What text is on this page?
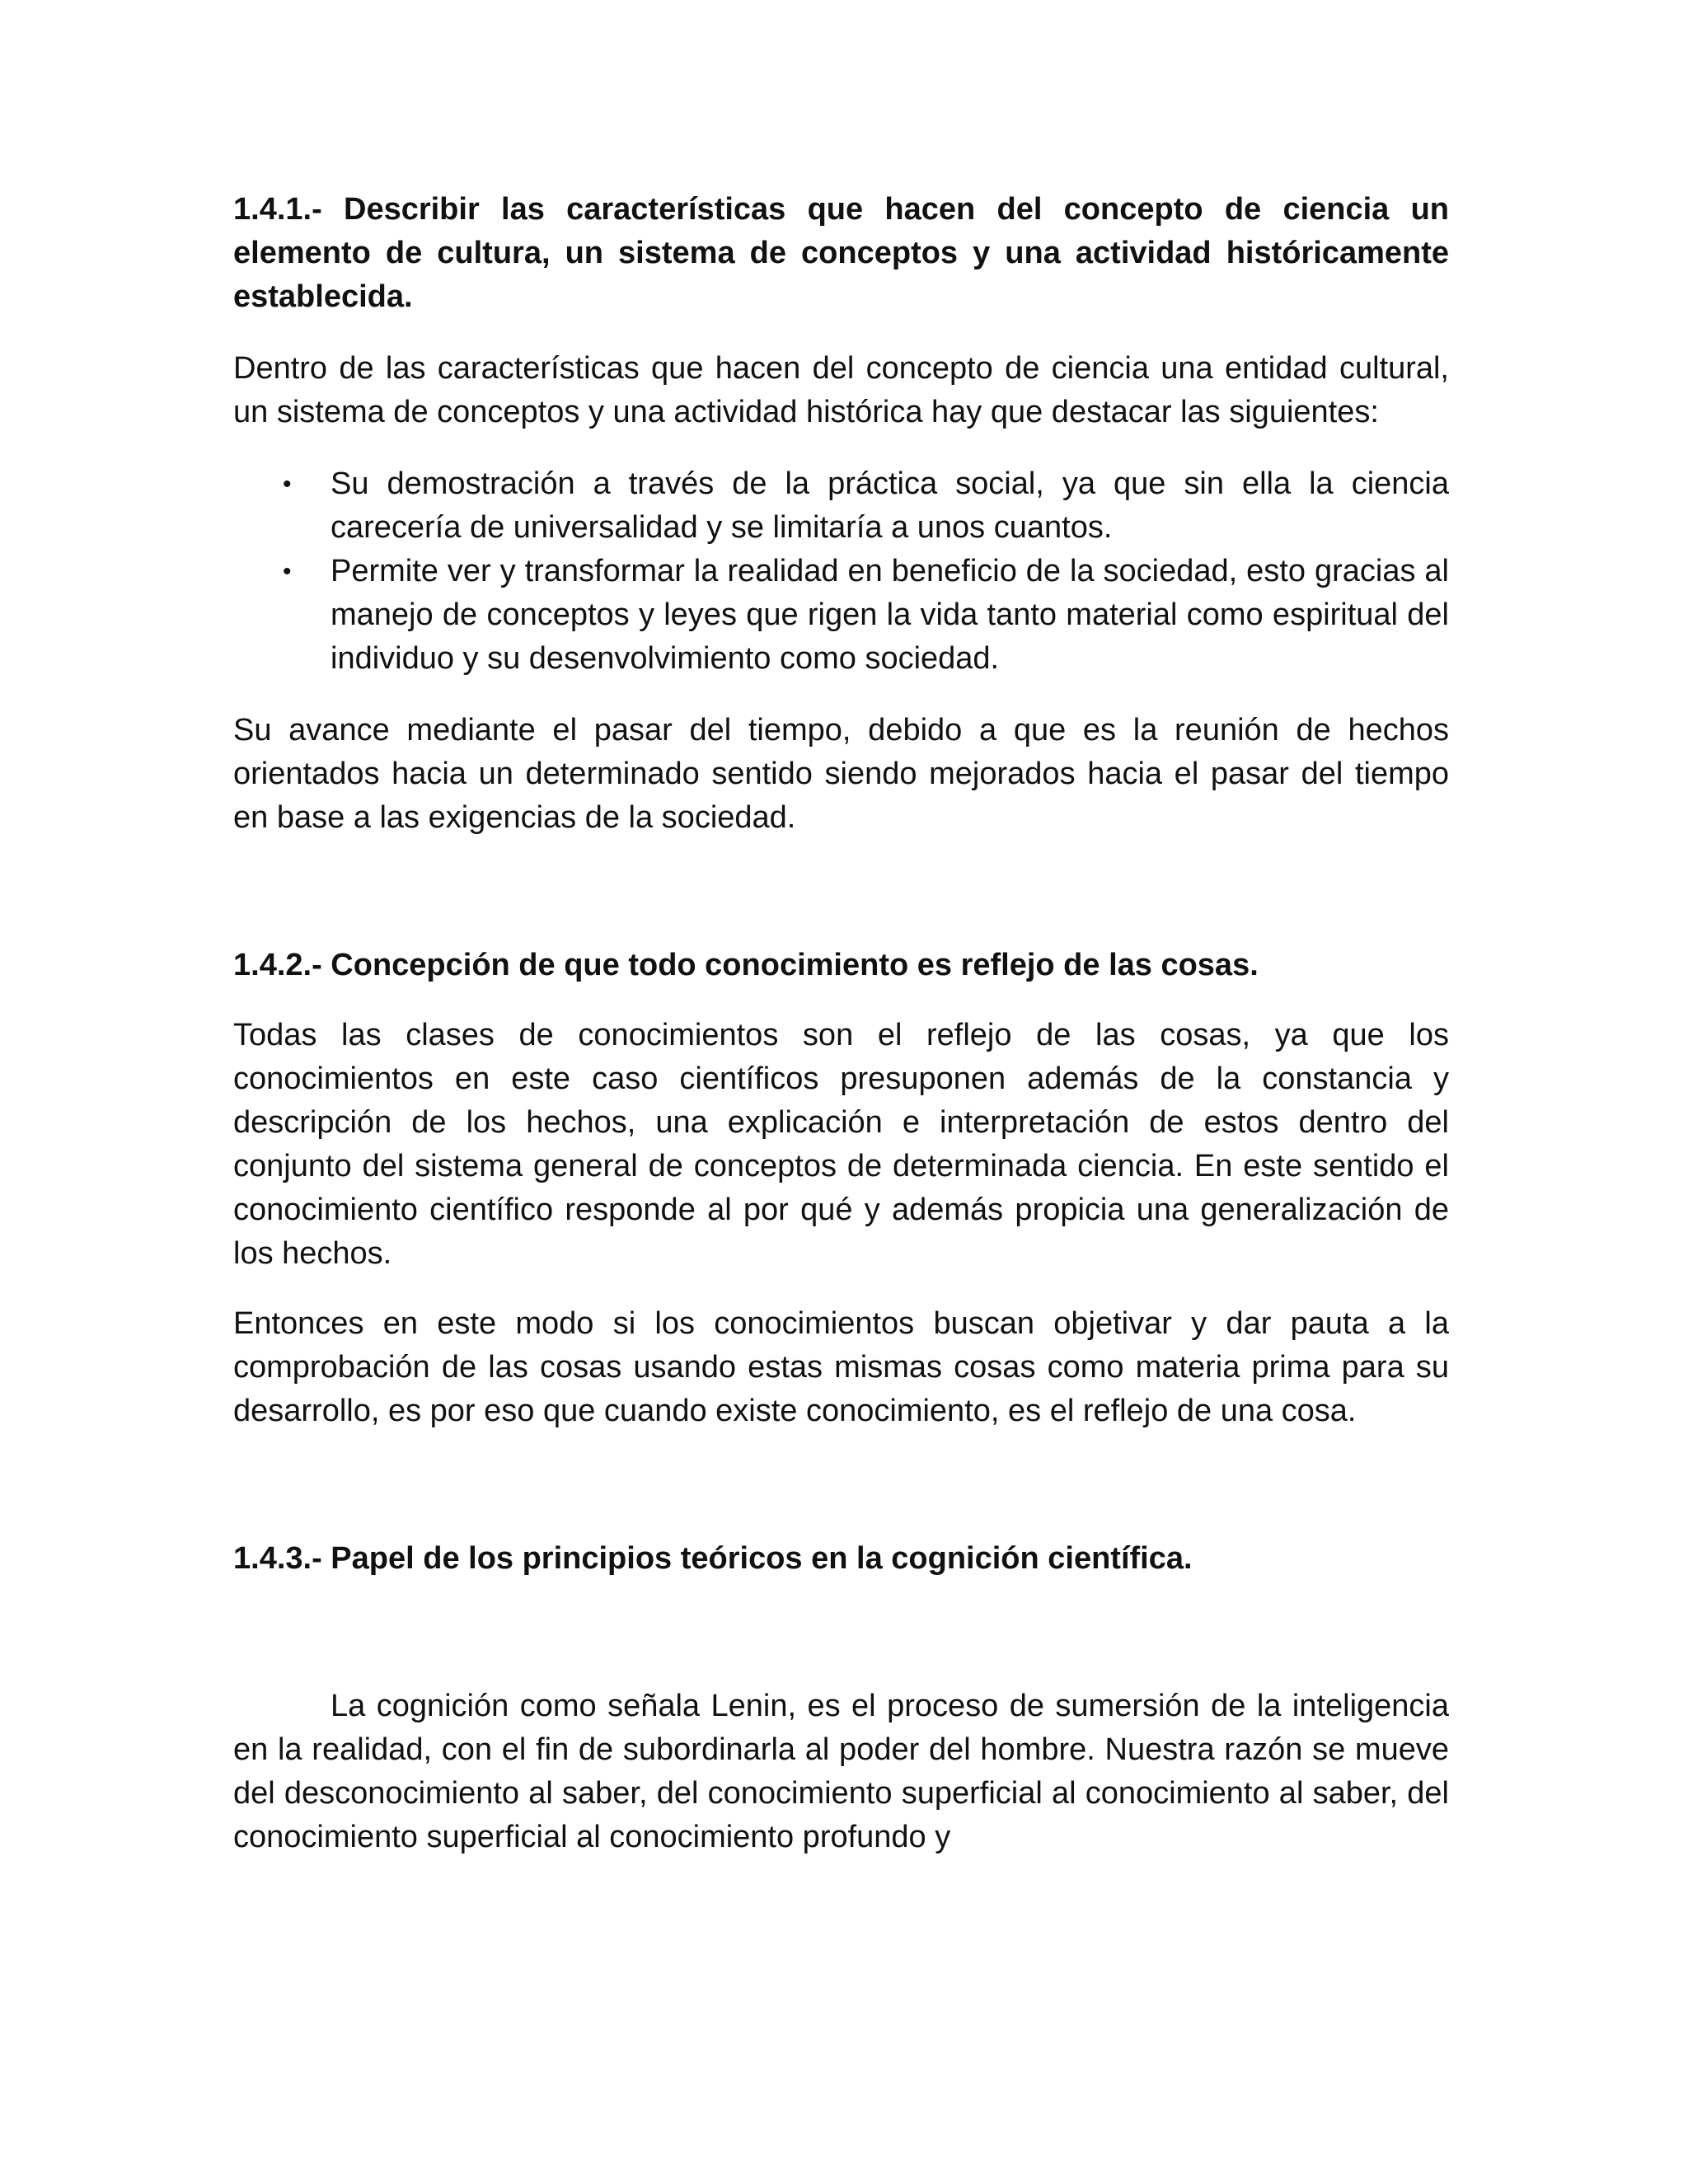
1.4.1.- Describir las características que hacen del concepto de ciencia un elemento de cultura, un sistema de conceptos y una actividad históricamente establecida.

Dentro de las características que hacen del concepto de ciencia una entidad cultural, un sistema de conceptos y una actividad histórica hay que destacar las siguientes:

• Su demostración a través de la práctica social, ya que sin ella la ciencia carecería de universalidad y se limitaría a unos cuantos.
• Permite ver y transformar la realidad en beneficio de la sociedad, esto gracias al manejo de conceptos y leyes que rigen la vida tanto material como espiritual del individuo y su desenvolvimiento como sociedad.

Su avance mediante el pasar del tiempo, debido a que es la reunión de hechos orientados hacia un determinado sentido siendo mejorados hacia el pasar del tiempo en base a las exigencias de la sociedad.

1.4.2.- Concepción de que todo conocimiento es reflejo de las cosas.

Todas las clases de conocimientos son el reflejo de las cosas, ya que los conocimientos en este caso científicos presuponen además de la constancia y descripción de los hechos, una explicación e interpretación de estos dentro del conjunto del sistema general de conceptos de determinada ciencia. En este sentido el conocimiento científico responde al por qué y además propicia una generalización de los hechos.

Entonces en este modo si los conocimientos buscan objetivar y dar pauta a la comprobación de las cosas usando estas mismas cosas como materia prima para su desarrollo, es por eso que cuando existe conocimiento, es el reflejo de una cosa.

1.4.3.- Papel de los principios teóricos en la cognición científica.

La cognición como señala Lenin, es el proceso de sumersión de la inteligencia en la realidad, con el fin de subordinarla al poder del hombre. Nuestra razón se mueve del desconocimiento al saber, del conocimiento superficial al conocimiento al saber, del conocimiento superficial al conocimiento profundo y
